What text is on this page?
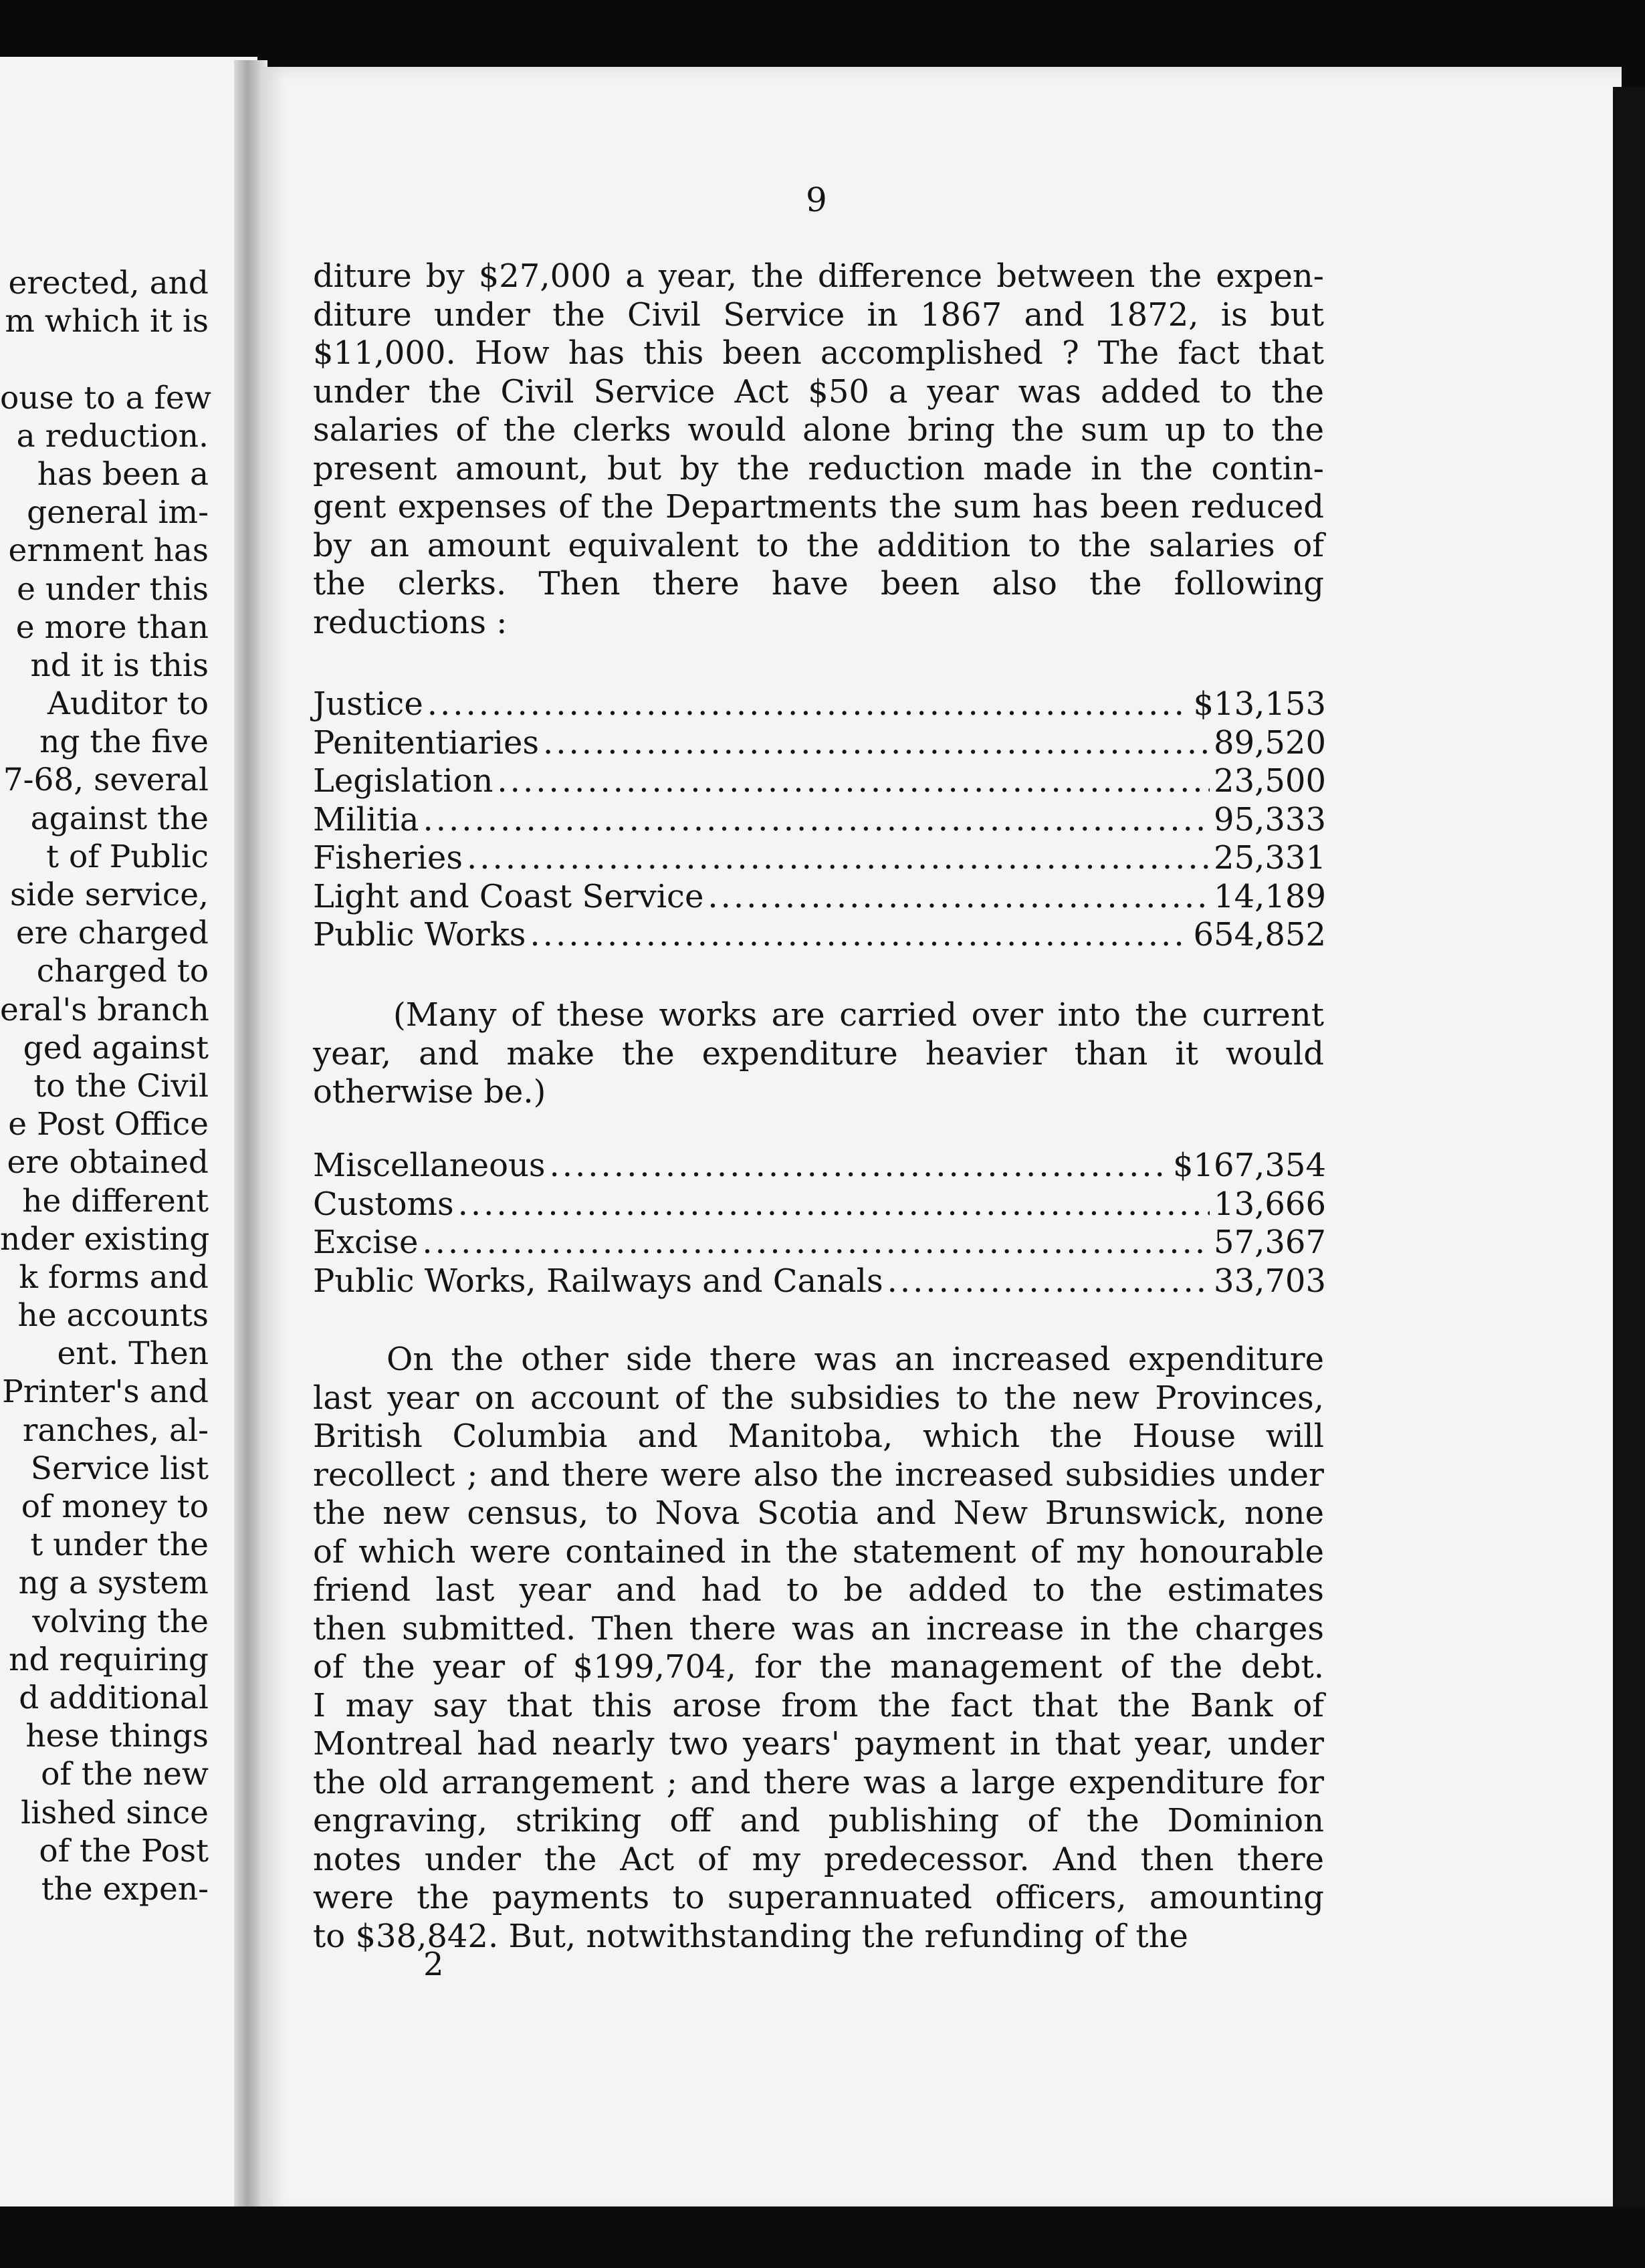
erected, and
m which it is
ouse to a few
a reduction.
has been a
general im-
ernment has
e under this
e more than
nd it is this
Auditor to
ng the five
7-68, several
against the
t of Public
side service,
ere charged
charged to
eral's branch
ged against
to the Civil
e Post Office
ere obtained
he different
nder existing
k forms and
he accounts
ent. Then
Printer's and
ranches, al-
Service list
of money to
t under the
ng a system
volving the
nd requiring
d additional
hese things
of the new
lished since
of the Post
the expen-
9
diture by $27,000 a year, the difference between the expen-
diture under the Civil Service in 1867 and 1872, is but
$11,000. How has this been accomplished ? The fact that
under the Civil Service Act $50 a year was added to the
salaries of the clerks would alone bring the sum up to the
present amount, but by the reduction made in the contin-
gent expenses of the Departments the sum has been reduced
by an amount equivalent to the addition to the salaries of
the clerks. Then there have been also the following
reductions :
Justice .....	$13,153
Penitentiaries .....	89,520
Legislation .....	23,500
Militia .....	95,333
Fisheries .....	25,331
Light and Coast Service .....	14,189
Public Works .....	654,852
(Many of these works are carried over into the current
year, and make the expenditure heavier than it would
otherwise be.)
Miscellaneous .....	$167,354
Customs .....	13,666
Excise .....	57,367
Public Works, Railways and Canals .....	33,703
On the other side there was an increased expenditure
last year on account of the subsidies to the new Provinces,
British Columbia and Manitoba, which the House will
recollect ; and there were also the increased subsidies under
the new census, to Nova Scotia and New Brunswick, none
of which were contained in the statement of my honourable
friend last year and had to be added to the estimates
then submitted. Then there was an increase in the charges
of the year of $199,704, for the management of the debt.
I may say that this arose from the fact that the Bank of
Montreal had nearly two years' payment in that year, under
the old arrangement ; and there was a large expenditure for
engraving, striking off and publishing of the Dominion
notes under the Act of my predecessor. And then there
were the payments to superannuated officers, amounting
to $38,842. But, notwithstanding the refunding of the
2
